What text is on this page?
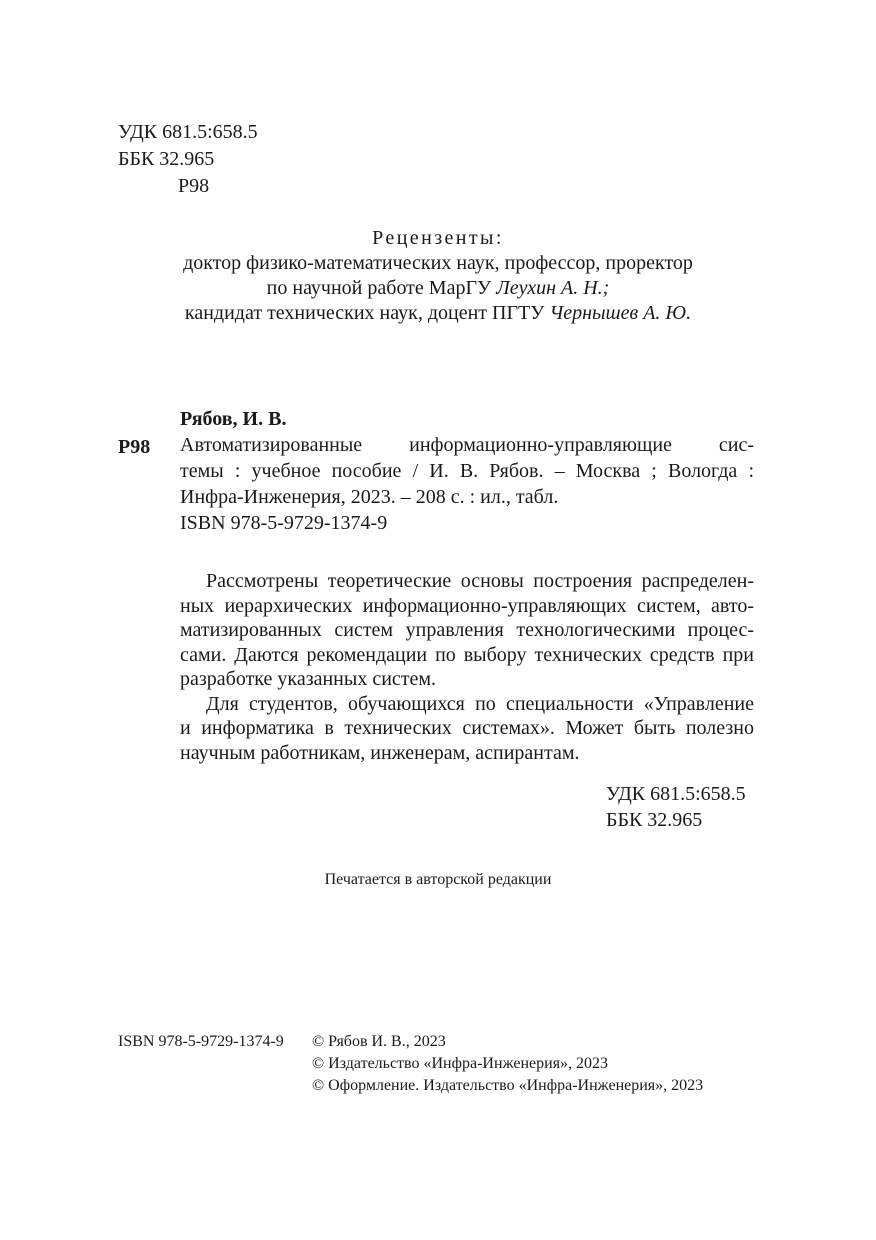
УДК 681.5:658.5
ББК 32.965
Р98
Рецензенты:
доктор физико-математических наук, профессор, проректор
по научной работе МарГУ Леухин А. Н.;
кандидат технических наук, доцент ПГТУ Чернышев А. Ю.
Рябов, И. В.
Р98 Автоматизированные информационно-управляющие сис-
темы : учебное пособие / И. В. Рябов. – Москва ; Вологда :
Инфра-Инженерия, 2023. – 208 с. : ил., табл.
ISBN 978-5-9729-1374-9
Рассмотрены теоретические основы построения распределен-
ных иерархических информационно-управляющих систем, авто-
матизированных систем управления технологическими процес-
сами. Даются рекомендации по выбору технических средств при
разработке указанных систем.
Для студентов, обучающихся по специальности «Управление
и информатика в технических системах». Может быть полезно
научным работникам, инженерам, аспирантам.
УДК 681.5:658.5
ББК 32.965
Печатается в авторской редакции
ISBN 978-5-9729-1374-9 © Рябов И. В., 2023
© Издательство «Инфра-Инженерия», 2023
© Оформление. Издательство «Инфра-Инженерия», 2023
